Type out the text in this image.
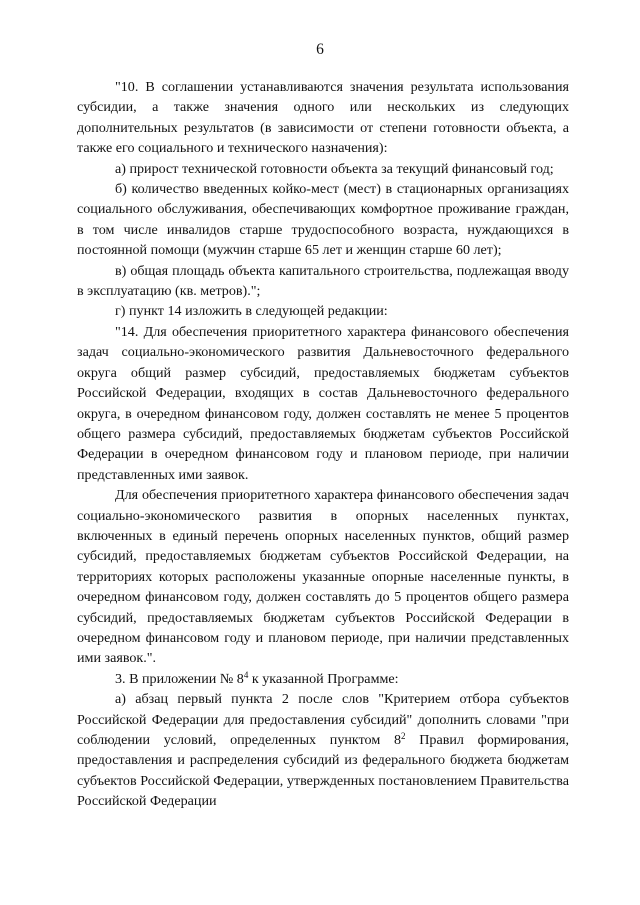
6

"10. В соглашении устанавливаются значения результата использования субсидии, а также значения одного или нескольких из следующих дополнительных результатов (в зависимости от степени готовности объекта, а также его социального и технического назначения):

а) прирост технической готовности объекта за текущий финансовый год;

б) количество введенных койко-мест (мест) в стационарных организациях социального обслуживания, обеспечивающих комфортное проживание граждан, в том числе инвалидов старше трудоспособного возраста, нуждающихся в постоянной помощи (мужчин старше 65 лет и женщин старше 60 лет);

в) общая площадь объекта капитального строительства, подлежащая вводу в эксплуатацию (кв. метров).";

г) пункт 14 изложить в следующей редакции:

"14. Для обеспечения приоритетного характера финансового обеспечения задач социально-экономического развития Дальневосточного федерального округа общий размер субсидий, предоставляемых бюджетам субъектов Российской Федерации, входящих в состав Дальневосточного федерального округа, в очередном финансовом году, должен составлять не менее 5 процентов общего размера субсидий, предоставляемых бюджетам субъектов Российской Федерации в очередном финансовом году и плановом периоде, при наличии представленных ими заявок.

Для обеспечения приоритетного характера финансового обеспечения задач социально-экономического развития в опорных населенных пунктах, включенных в единый перечень опорных населенных пунктов, общий размер субсидий, предоставляемых бюджетам субъектов Российской Федерации, на территориях которых расположены указанные опорные населенные пункты, в очередном финансовом году, должен составлять до 5 процентов общего размера субсидий, предоставляемых бюджетам субъектов Российской Федерации в очередном финансовом году и плановом периоде, при наличии представленных ими заявок.".

3. В приложении № $8^4$ к указанной Программе:

а) абзац первый пункта 2 после слов "Критерием отбора субъектов Российской Федерации для предоставления субсидий" дополнить словами "при соблюдении условий, определенных пунктом $8^2$ Правил формирования, предоставления и распределения субсидий из федерального бюджета бюджетам субъектов Российской Федерации, утвержденных постановлением Правительства Российской Федерации
